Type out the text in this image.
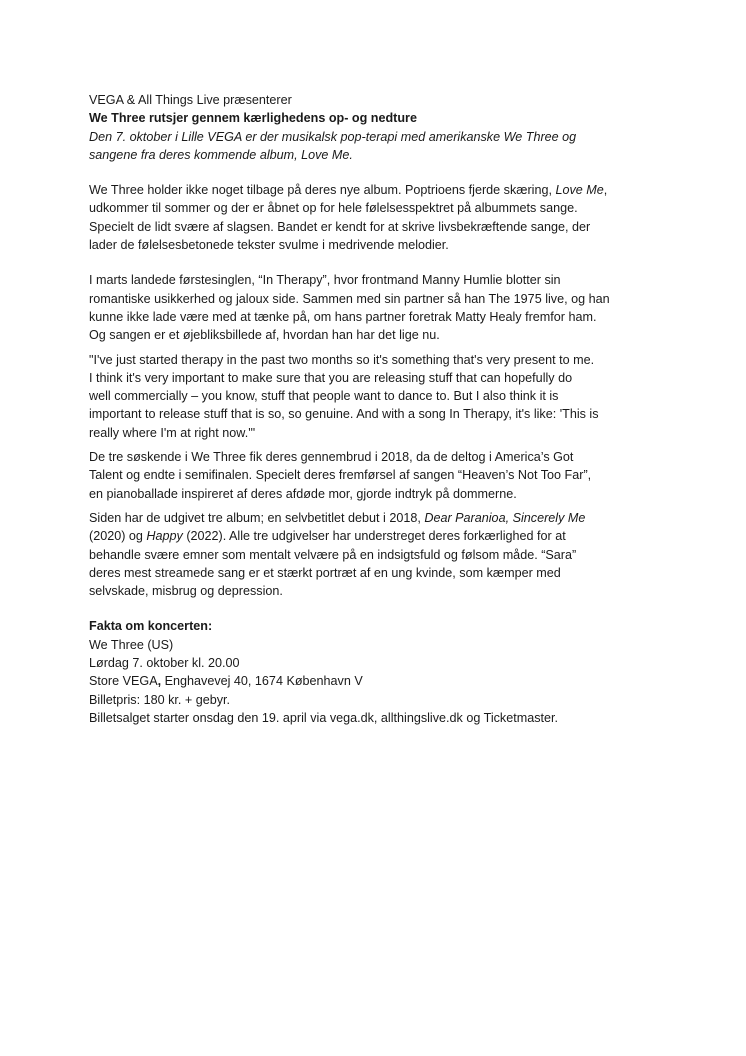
VEGA & All Things Live præsenterer
We Three rutsjer gennem kærlighedens op- og nedture
Den 7. oktober i Lille VEGA er der musikalsk pop-terapi med amerikanske We Three og
sangene fra deres kommende album, Love Me.
We Three holder ikke noget tilbage på deres nye album. Poptrioens fjerde skæring, Love Me,
udkommer til sommer og der er åbnet op for hele følelsesspektret på albummets sange.
Specielt de lidt svære af slagsen. Bandet er kendt for at skrive livsbekræftende sange, der
lader de følelsesbetonede tekster svulme i medrivende melodier.
I marts landede førstesinglen, “In Therapy”, hvor frontmand Manny Humlie blotter sin
romantiske usikkerhed og jaloux side. Sammen med sin partner så han The 1975 live, og han
kunne ikke lade være med at tænke på, om hans partner foretrak Matty Healy fremfor ham.
Og sangen er et øjebliksbillede af, hvordan han har det lige nu.
"I've just started therapy in the past two months so it's something that's very present to me.
I think it's very important to make sure that you are releasing stuff that can hopefully do
well commercially – you know, stuff that people want to dance to. But I also think it is
important to release stuff that is so, so genuine. And with a song In Therapy, it's like: 'This is
really where I'm at right now.'"
De tre søskende i We Three fik deres gennembrud i 2018, da de deltog i America’s Got
Talent og endte i semifinalen. Specielt deres fremførsel af sangen “Heaven’s Not Too Far”,
en pianoballade inspireret af deres afdøde mor, gjorde indtryk på dommerne.
Siden har de udgivet tre album; en selvbetitlet debut i 2018, Dear Paranioa, Sincerely Me
(2020) og Happy (2022). Alle tre udgivelser har understreget deres forkærlighed for at
behandle svære emner som mentalt velvære på en indsigtsfuld og følsom måde. “Sara”
deres mest streamede sang er et stærkt portræt af en ung kvinde, som kæmper med
selvskade, misbrug og depression.
Fakta om koncerten:
We Three (US)
Lørdag 7. oktober kl. 20.00
Store VEGA, Enghavevej 40, 1674 København V
Billetpris: 180 kr. + gebyr.
Billetsalget starter onsdag den 19. april via vega.dk, allthingslive.dk og Ticketmaster.
